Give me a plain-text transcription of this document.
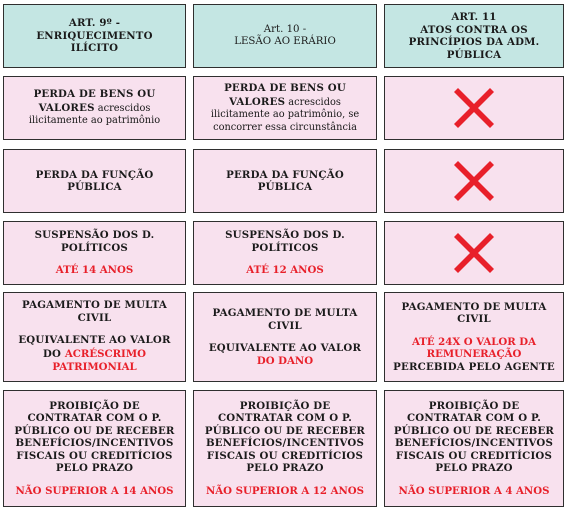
ART. 9º -
ENRIQUECIMENTO ILÍCITO
Art. 10 -
LESÃO AO ERÁRIO
ART. 11
ATOS CONTRA OS PRINCÍPIOS DA ADM. PÚBLICA
PERDA DE BENS OU VALORES acrescidos ilicitamente ao patrimônio
PERDA DE BENS OU VALORES acrescidos ilicitamente ao patrimônio, se concorrer essa circunstância
PERDA DA FUNÇÃO PÚBLICA
PERDA DA FUNÇÃO PÚBLICA
SUSPENSÃO DOS D. POLÍTICOS
ATÉ 14 ANOS
SUSPENSÃO DOS D. POLÍTICOS
ATÉ 12 ANOS
PAGAMENTO DE MULTA CIVIL
EQUIVALENTE AO VALOR DO ACRÉSCRIMO PATRIMONIAL
PAGAMENTO DE MULTA CIVIL
EQUIVALENTE AO VALOR
DO DANO
PAGAMENTO DE MULTA CIVIL
ATÉ 24X O VALOR DA REMUNERAÇÃO
PERCEBIDA PELO AGENTE
PROIBIÇÃO DE CONTRATAR COM O P. PÚBLICO OU DE RECEBER BENEFÍCIOS/INCENTIVOS FISCAIS OU CREDITÍCIOS PELO PRAZO
NÃO SUPERIOR A 14 ANOS
PROIBIÇÃO DE CONTRATAR COM O P. PÚBLICO OU DE RECEBER BENEFÍCIOS/INCENTIVOS FISCAIS OU CREDITÍCIOS PELO PRAZO
NÃO SUPERIOR A 12 ANOS
PROIBIÇÃO DE CONTRATAR COM O P. PÚBLICO OU DE RECEBER BENEFÍCIOS/INCENTIVOS FISCAIS OU CREDITÍCIOS PELO PRAZO
NÃO SUPERIOR A 4 ANOS
